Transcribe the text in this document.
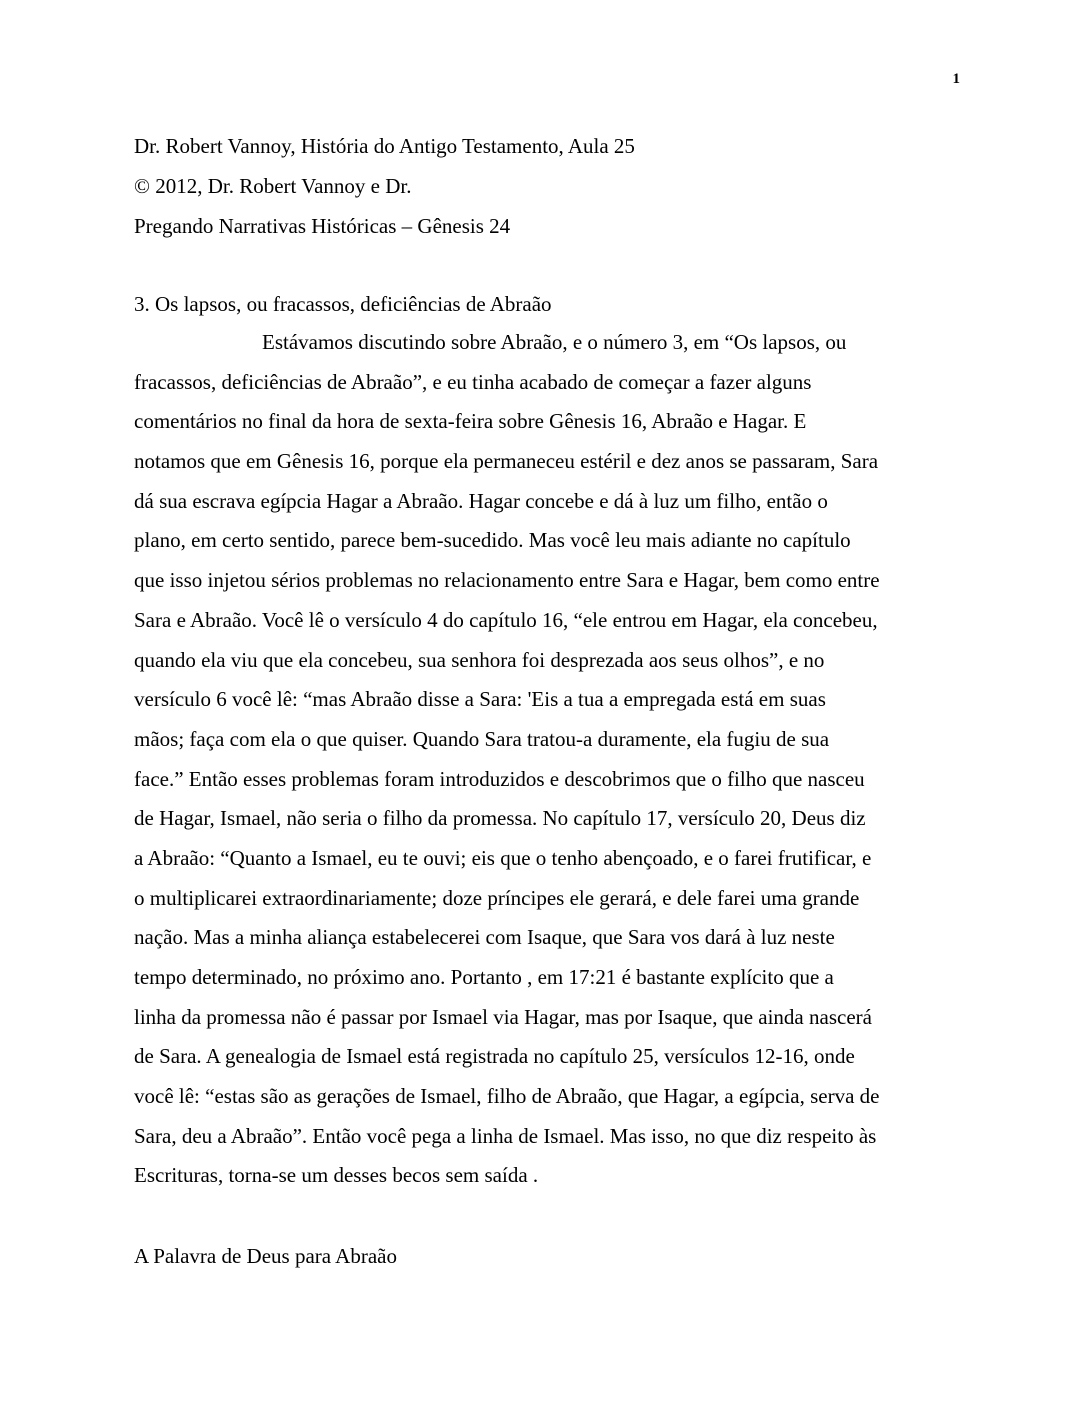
1
Dr. Robert Vannoy, História do Antigo Testamento, Aula 25
© 2012, Dr. Robert Vannoy e Dr.
Pregando Narrativas Históricas – Gênesis 24
3. Os lapsos, ou fracassos, deficiências de Abraão
Estávamos discutindo sobre Abraão, e o número 3, em “Os lapsos, ou
fracassos, deficiências de Abraão”, e eu tinha acabado de começar a fazer alguns
comentários no final da hora de sexta-feira sobre Gênesis 16, Abraão e Hagar. E
notamos que em Gênesis 16, porque ela permaneceu estéril e dez anos se passaram, Sara
dá sua escrava egípcia Hagar a Abraão. Hagar concebe e dá à luz um filho, então o
plano, em certo sentido, parece bem-sucedido. Mas você leu mais adiante no capítulo
que isso injetou sérios problemas no relacionamento entre Sara e Hagar, bem como entre
Sara e Abraão. Você lê o versículo 4 do capítulo 16, “ele entrou em Hagar, ela concebeu,
quando ela viu que ela concebeu, sua senhora foi desprezada aos seus olhos”, e no
versículo 6 você lê: “mas Abraão disse a Sara: 'Eis a tua a empregada está em suas
mãos; faça com ela o que quiser. Quando Sara tratou-a duramente, ela fugiu de sua
face.” Então esses problemas foram introduzidos e descobrimos que o filho que nasceu
de Hagar, Ismael, não seria o filho da promessa. No capítulo 17, versículo 20, Deus diz
a Abraão: “Quanto a Ismael, eu te ouvi; eis que o tenho abençoado, e o farei frutificar, e
o multiplicarei extraordinariamente; doze príncipes ele gerará, e dele farei uma grande
nação. Mas a minha aliança estabelecerei com Isaque, que Sara vos dará à luz neste
tempo determinado, no próximo ano. Portanto , em 17:21 é bastante explícito que a
linha da promessa não é passar por Ismael via Hagar, mas por Isaque, que ainda nascerá
de Sara. A genealogia de Ismael está registrada no capítulo 25, versículos 12-16, onde
você lê: “estas são as gerações de Ismael, filho de Abraão, que Hagar, a egípcia, serva de
Sara, deu a Abraão”. Então você pega a linha de Ismael. Mas isso, no que diz respeito às
Escrituras, torna-se um desses becos sem saída .
A Palavra de Deus para Abraão
